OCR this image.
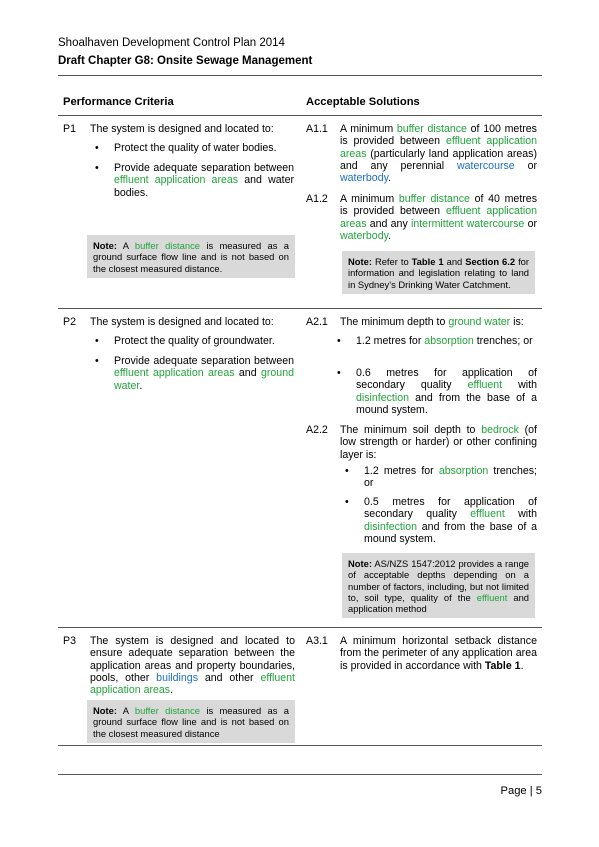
Shoalhaven Development Control Plan 2014
Draft Chapter G8: Onsite Sewage Management
Performance Criteria	Acceptable Solutions
P1 The system is designed and located to:
• Protect the quality of water bodies.
• Provide adequate separation between effluent application areas and water bodies.
Note: A buffer distance is measured as a ground surface flow line and is not based on the closest measured distance.
A1.1 A minimum buffer distance of 100 metres is provided between effluent application areas (particularly land application areas) and any perennial watercourse or waterbody.
A1.2 A minimum buffer distance of 40 metres is provided between effluent application areas and any intermittent watercourse or waterbody.
Note: Refer to Table 1 and Section 6.2 for information and legislation relating to land in Sydney’s Drinking Water Catchment.
P2 The system is designed and located to:
• Protect the quality of groundwater.
• Provide adequate separation between effluent application areas and ground water.
A2.1 The minimum depth to ground water is:
• 1.2 metres for absorption trenches; or
• 0.6 metres for application of secondary quality effluent with disinfection and from the base of a mound system.
A2.2 The minimum soil depth to bedrock (of low strength or harder) or other confining layer is:
• 1.2 metres for absorption trenches; or
• 0.5 metres for application of secondary quality effluent with disinfection and from the base of a mound system.
Note: AS/NZS 1547:2012 provides a range of acceptable depths depending on a number of factors, including, but not limited to, soil type, quality of the effluent and application method
P3 The system is designed and located to ensure adequate separation between the application areas and property boundaries, pools, other buildings and other effluent application areas.
Note: A buffer distance is measured as a ground surface flow line and is not based on the closest measured distance
A3.1 A minimum horizontal setback distance from the perimeter of any application area is provided in accordance with Table 1.
Page | 5
